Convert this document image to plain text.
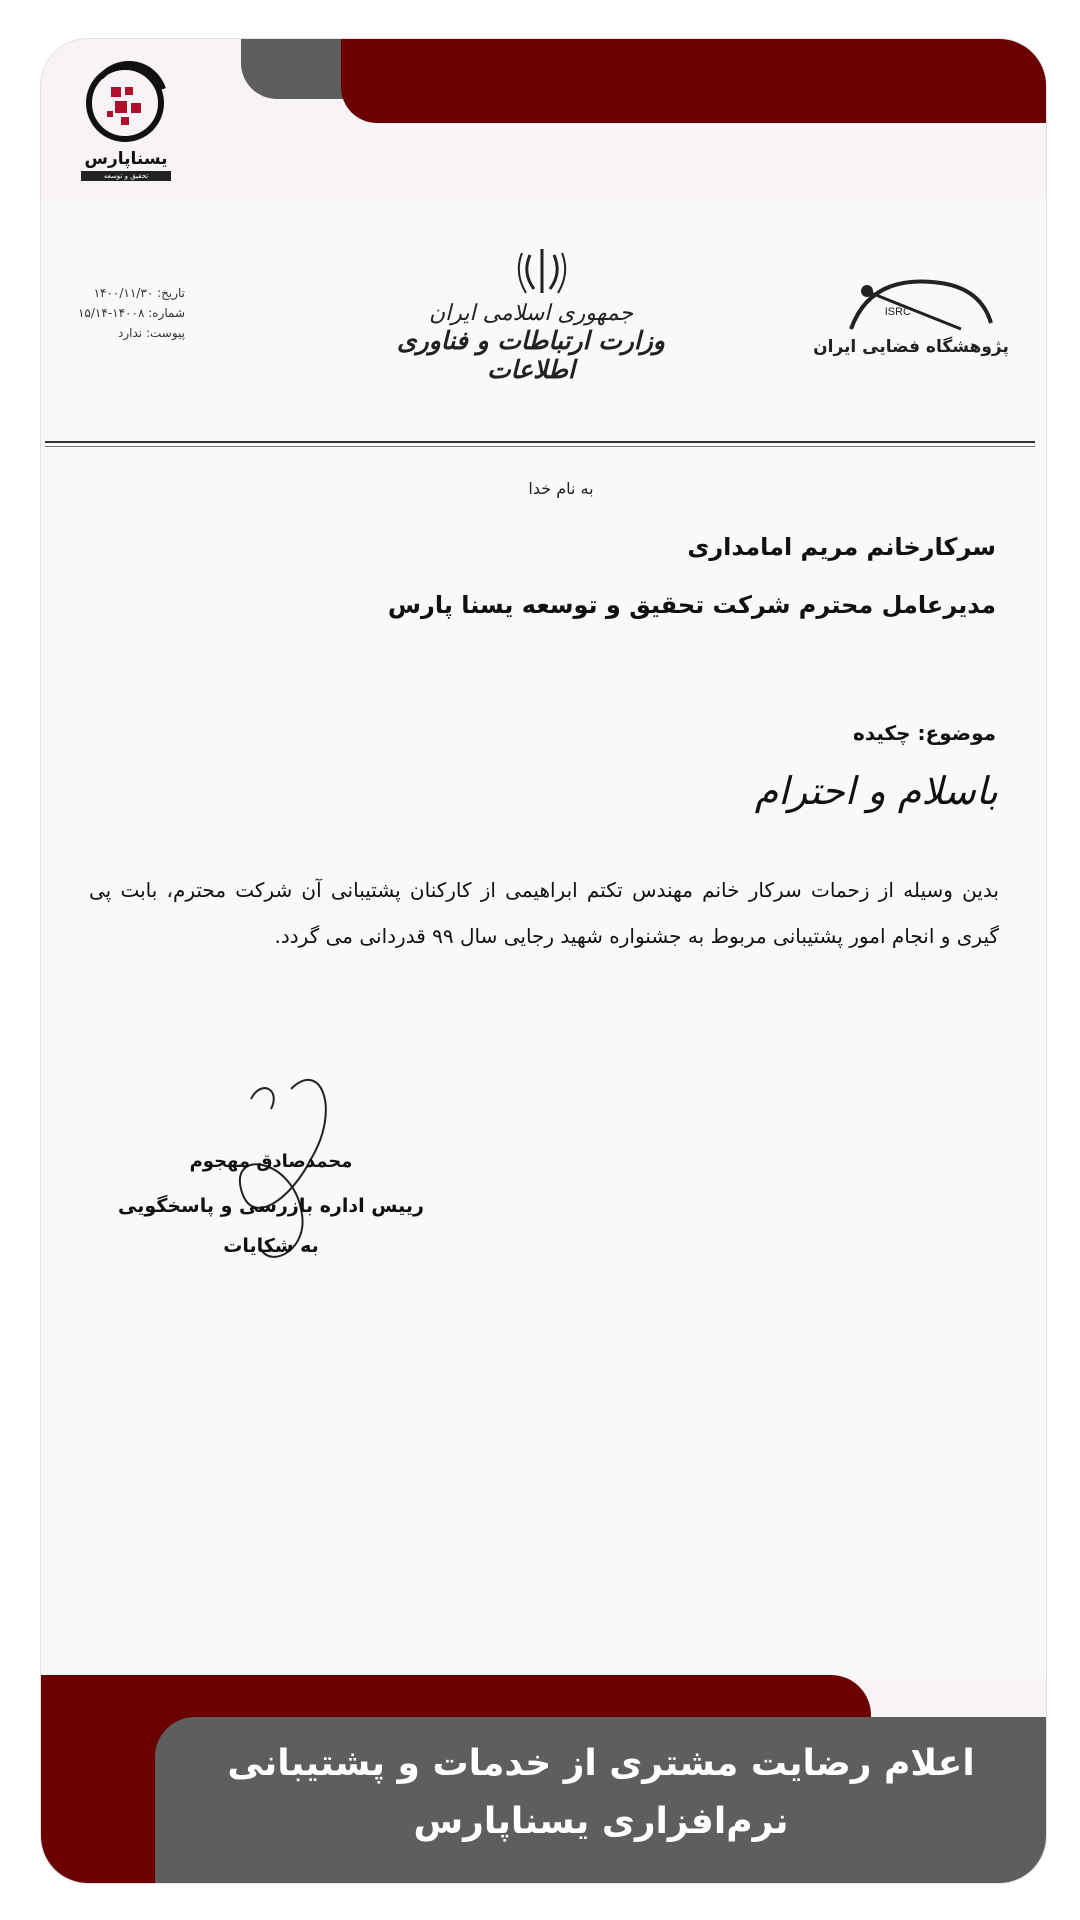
یسناپارس
تحقیق و توسعه
تاریخ: ۱۴۰۰/۱۱/۳۰
شماره: ۱۴۰۰۸-۱۵/۱۴
پیوست: ندارد
جمهوری اسلامی ایران
وزارت ارتباطات و فناوری اطلاعات
ISRC
پژوهشگاه فضایی ایران
به نام خدا
سرکارخانم مریم امامداری
مدیرعامل محترم شرکت تحقیق و توسعه یسنا پارس
موضوع: چکیده
باسلام و احترام
بدین وسیله از زحمات سرکار خانم مهندس تکتم ابراهیمی از کارکنان پشتیبانی آن شرکت محترم، بابت پی گیری و انجام امور پشتیبانی مربوط به جشنواره شهید رجایی سال ۹۹ قدردانی می گردد.
محمدصادق مهجوم
رییس اداره بازرسی و پاسخگویی به شکایات
اعلام رضایت مشتری از خدمات و پشتیبانی نرم‌افزاری یسناپارس
